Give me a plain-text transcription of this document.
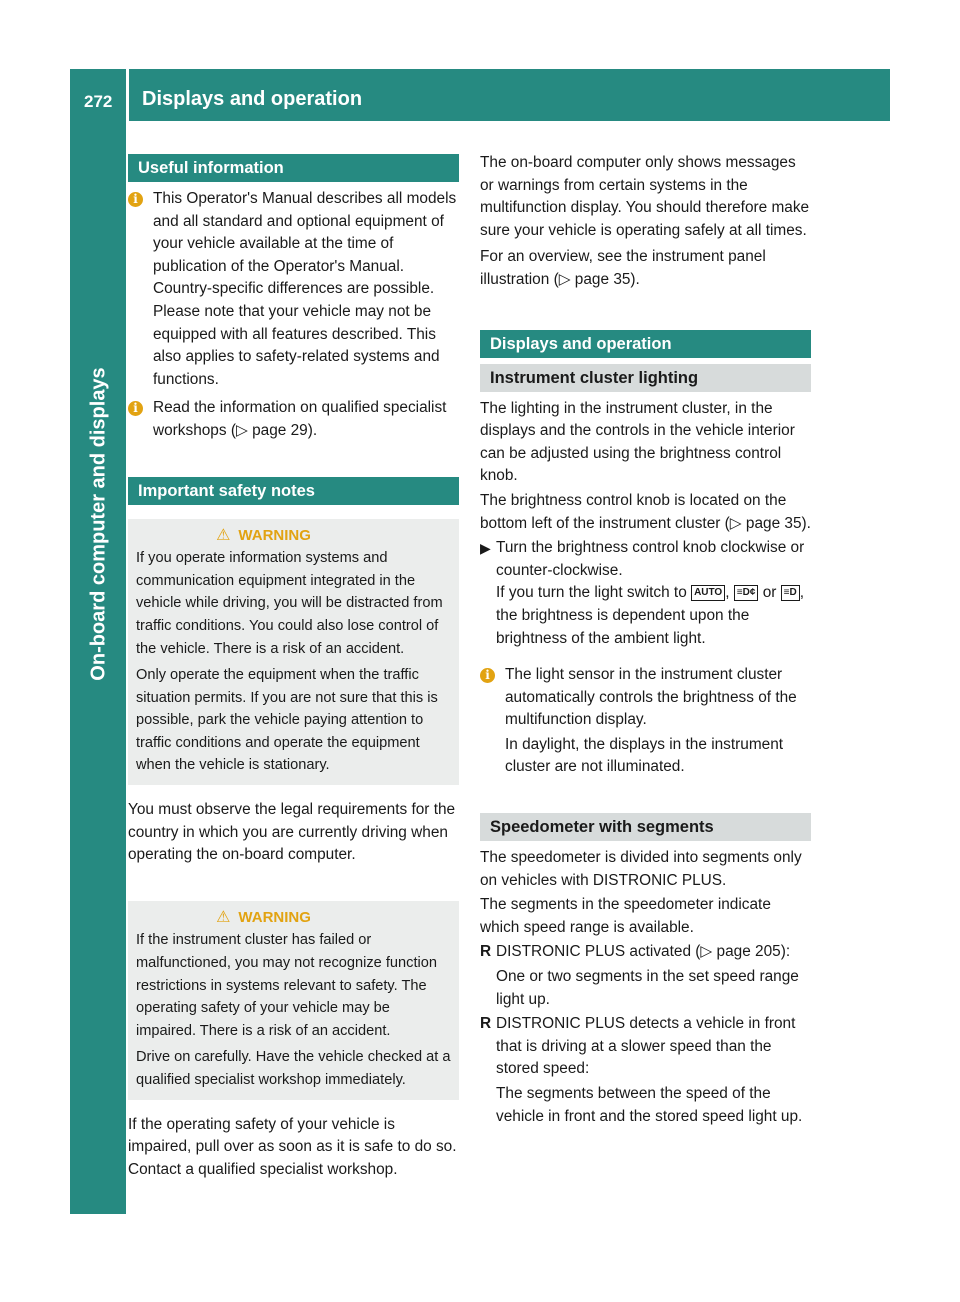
272 Displays and operation
On-board computer and displays
Useful information
i This Operator's Manual describes all models and all standard and optional equipment of your vehicle available at the time of publication of the Operator's Manual. Country-specific differences are possible. Please note that your vehicle may not be equipped with all features described. This also applies to safety-related systems and functions.

i Read the information on qualified specialist workshops (▷ page 29).

Important safety notes
⚠ WARNING

If you operate information systems and communication equipment integrated in the vehicle while driving, you will be distracted from traffic conditions. You could also lose control of the vehicle. There is a risk of an accident.

Only operate the equipment when the traffic situation permits. If you are not sure that this is possible, park the vehicle paying attention to traffic conditions and operate the equipment when the vehicle is stationary.

You must observe the legal requirements for the country in which you are currently driving when operating the on-board computer.

⚠ WARNING

If the instrument cluster has failed or malfunctioned, you may not recognize function restrictions in systems relevant to safety. The operating safety of your vehicle may be impaired. There is a risk of an accident.

Drive on carefully. Have the vehicle checked at a qualified specialist workshop immediately.

If the operating safety of your vehicle is impaired, pull over as soon as it is safe to do so. Contact a qualified specialist workshop.

The on-board computer only shows messages or warnings from certain systems in the multifunction display. You should therefore make sure your vehicle is operating safely at all times.

For an overview, see the instrument panel illustration (▷ page 35).

Displays and operation
Instrument cluster lighting

The lighting in the instrument cluster, in the displays and the controls in the vehicle interior can be adjusted using the brightness control knob.

The brightness control knob is located on the bottom left of the instrument cluster (▷ page 35).

▶ Turn the brightness control knob clockwise or counter-clockwise.

If you turn the light switch to AUTO , ≡D¢ or ≡D , the brightness is dependent upon the brightness of the ambient light.

i The light sensor in the instrument cluster automatically controls the brightness of the multifunction display.

In daylight, the displays in the instrument cluster are not illuminated.

Speedometer with segments

The speedometer is divided into segments only on vehicles with DISTRONIC PLUS.

The segments in the speedometer indicate which speed range is available.

R DISTRONIC PLUS activated (▷ page 205):

One or two segments in the set speed range light up.

R DISTRONIC PLUS detects a vehicle in front that is driving at a slower speed than the stored speed:

The segments between the speed of the vehicle in front and the stored speed light up.
